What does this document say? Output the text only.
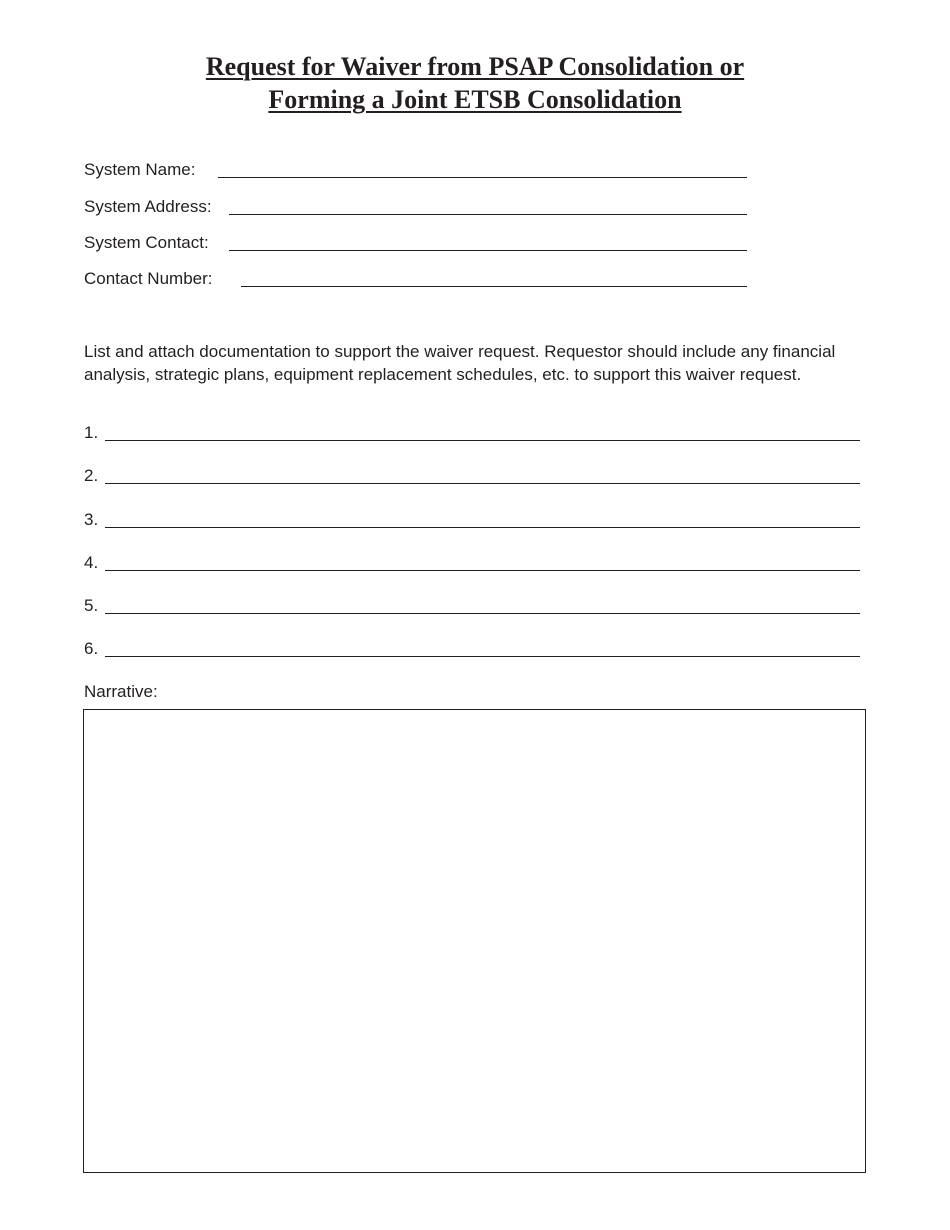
Request for Waiver from PSAP Consolidation or
Forming a Joint ETSB Consolidation
System Name:
System Address:
System Contact:
Contact Number:

List and attach documentation to support the waiver request. Requestor should include any financial analysis, strategic plans, equipment replacement schedules, etc. to support this waiver request.

1.
2.
3.
4.
5.
6.
Narrative:
